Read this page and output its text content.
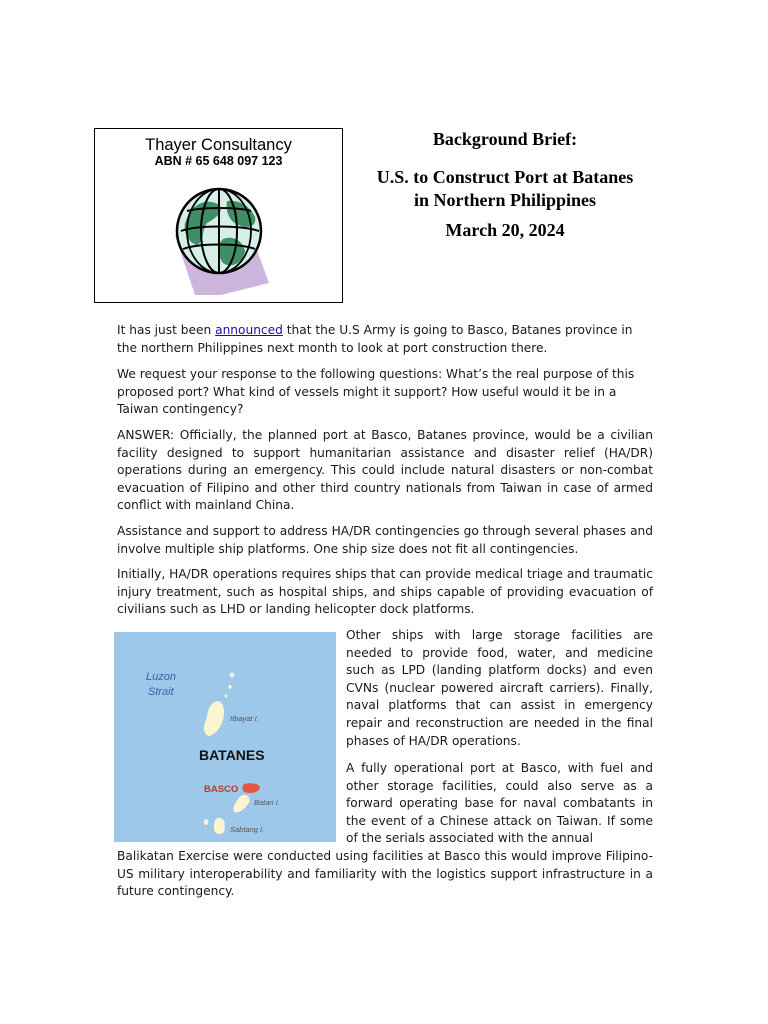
Thayer Consultancy
ABN # 65 648 097 123
Background Brief:
U.S. to Construct Port at Batanes
in Northern Philippines
March 20, 2024

It has just been announced that the U.S Army is going to Basco, Batanes province in the northern Philippines next month to look at port construction there.

We request your response to the following questions: What’s the real purpose of this proposed port? What kind of vessels might it support? How useful would it be in a Taiwan contingency?

ANSWER: Officially, the planned port at Basco, Batanes province, would be a civilian facility designed to support humanitarian assistance and disaster relief (HA/DR) operations during an emergency. This could include natural disasters or non-combat evacuation of Filipino and other third country nationals from Taiwan in case of armed conflict with mainland China.

Assistance and support to address HA/DR contingencies go through several phases and involve multiple ship platforms. One ship size does not fit all contingencies.

Initially, HA/DR operations requires ships that can provide medical triage and traumatic injury treatment, such as hospital ships, and ships capable of providing evacuation of civilians such as LHD or landing helicopter dock platforms.

Luzon
Strait
Itbayat I.
BATANES
BASCO
Batan I.
Sabtang I.

Other ships with large storage facilities are needed to provide food, water, and medicine such as LPD (landing platform docks) and even CVNs (nuclear powered aircraft carriers). Finally, naval platforms that can assist in emergency repair and reconstruction are needed in the final phases of HA/DR operations.

A fully operational port at Basco, with fuel and other storage facilities, could also serve as a forward operating base for naval combatants in the event of a Chinese attack on Taiwan. If some of the serials associated with the annual

Balikatan Exercise were conducted using facilities at Basco this would improve Filipino-US military interoperability and familiarity with the logistics support infrastructure in a future contingency.
